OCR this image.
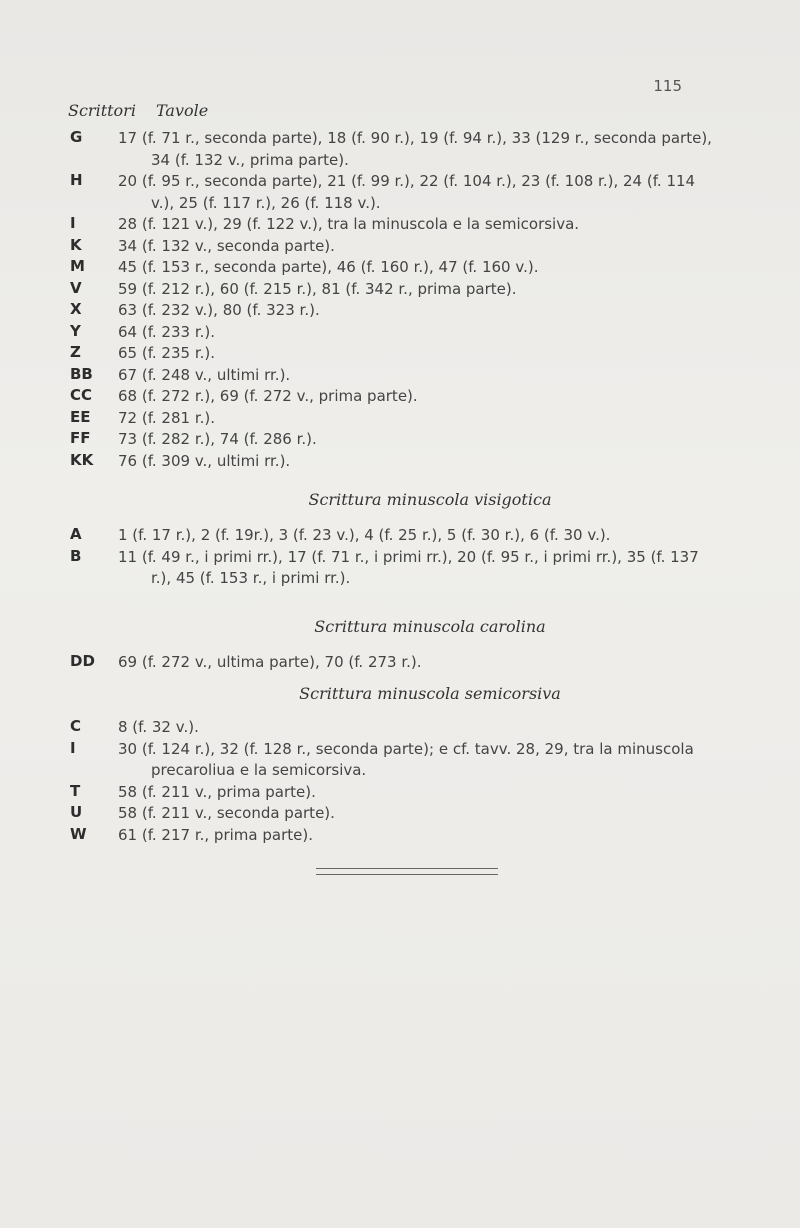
115
Scrittori Tavole
G	17 (f. 71 r., seconda parte), 18 (f. 90 r.), 19 (f. 94 r.), 33 (129 r., seconda parte), 34 (f. 132 v., prima parte).
H	20 (f. 95 r., seconda parte), 21 (f. 99 r.), 22 (f. 104 r.), 23 (f. 108 r.), 24 (f. 114 v.), 25 (f. 117 r.), 26 (f. 118 v.).
I	28 (f. 121 v.), 29 (f. 122 v.), tra la minuscola e la semicorsiva.
K	34 (f. 132 v., seconda parte).
M	45 (f. 153 r., seconda parte), 46 (f. 160 r.), 47 (f. 160 v.).
V	59 (f. 212 r.), 60 (f. 215 r.), 81 (f. 342 r., prima parte).
X	63 (f. 232 v.), 80 (f. 323 r.).
Y	64 (f. 233 r.).
Z	65 (f. 235 r.).
BB	67 (f. 248 v., ultimi rr.).
CC	68 (f. 272 r.), 69 (f. 272 v., prima parte).
EE	72 (f. 281 r.).
FF	73 (f. 282 r.), 74 (f. 286 r.).
KK	76 (f. 309 v., ultimi rr.).
Scrittura minuscola visigotica
A	1 (f. 17 r.), 2 (f. 19r.), 3 (f. 23 v.), 4 (f. 25 r.), 5 (f. 30 r.), 6 (f. 30 v.).
B	11 (f. 49 r., i primi rr.), 17 (f. 71 r., i primi rr.), 20 (f. 95 r., i primi rr.), 35 (f. 137 r.), 45 (f. 153 r., i primi rr.).
Scrittura minuscola carolina
DD	69 (f. 272 v., ultima parte), 70 (f. 273 r.).
Scrittura minuscola semicorsiva
C	8 (f. 32 v.).
I	30 (f. 124 r.), 32 (f. 128 r., seconda parte); e cf. tavv. 28, 29, tra la minuscola precaroliua e la semicorsiva.
T	58 (f. 211 v., prima parte).
U	58 (f. 211 v., seconda parte).
W	61 (f. 217 r., prima parte).
